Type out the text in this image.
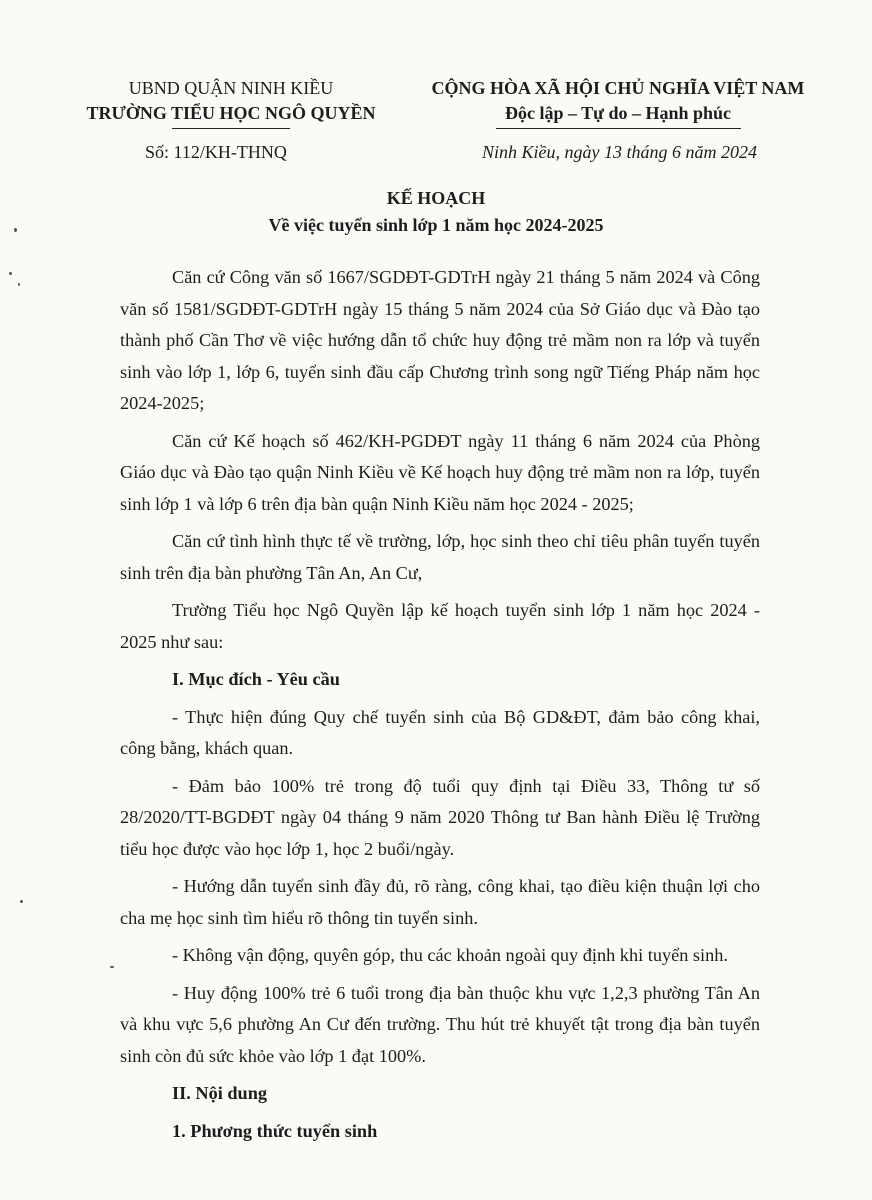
UBND QUẬN NINH KIỀU
TRƯỜNG TIỂU HỌC NGÔ QUYỀN
CỘNG HÒA XÃ HỘI CHỦ NGHĨA VIỆT NAM
Độc lập – Tự do – Hạnh phúc
Số: 112/KH-THNQ	Ninh Kiều, ngày 13 tháng 6 năm 2024
KẾ HOẠCH
Về việc tuyển sinh lớp 1 năm học 2024-2025

Căn cứ Công văn số 1667/SGDĐT-GDTrH ngày 21 tháng 5 năm 2024 và Công văn số 1581/SGDĐT-GDTrH ngày 15 tháng 5 năm 2024 của Sở Giáo dục và Đào tạo thành phố Cần Thơ về việc hướng dẫn tổ chức huy động trẻ mầm non ra lớp và tuyển sinh vào lớp 1, lớp 6, tuyển sinh đầu cấp Chương trình song ngữ Tiếng Pháp năm học 2024-2025;

Căn cứ Kế hoạch số 462/KH-PGDĐT ngày 11 tháng 6 năm 2024 của Phòng Giáo dục và Đào tạo quận Ninh Kiều về Kế hoạch huy động trẻ mầm non ra lớp, tuyển sinh lớp 1 và lớp 6 trên địa bàn quận Ninh Kiều năm học 2024 - 2025;

Căn cứ tình hình thực tế về trường, lớp, học sinh theo chỉ tiêu phân tuyến tuyển sinh trên địa bàn phường Tân An, An Cư,

Trường Tiểu học Ngô Quyền lập kế hoạch tuyển sinh lớp 1 năm học 2024 - 2025 như sau:

I. Mục đích - Yêu cầu

- Thực hiện đúng Quy chế tuyển sinh của Bộ GD&ĐT, đảm bảo công khai, công bằng, khách quan.

- Đảm bảo 100% trẻ trong độ tuổi quy định tại Điều 33, Thông tư số 28/2020/TT-BGDĐT ngày 04 tháng 9 năm 2020 Thông tư Ban hành Điều lệ Trường tiểu học được vào học lớp 1, học 2 buổi/ngày.

- Hướng dẫn tuyển sinh đầy đủ, rõ ràng, công khai, tạo điều kiện thuận lợi cho cha mẹ học sinh tìm hiểu rõ thông tin tuyển sinh.

- Không vận động, quyên góp, thu các khoản ngoài quy định khi tuyển sinh.

- Huy động 100% trẻ 6 tuổi trong địa bàn thuộc khu vực 1,2,3 phường Tân An và khu vực 5,6 phường An Cư đến trường. Thu hút trẻ khuyết tật trong địa bàn tuyển sinh còn đủ sức khỏe vào lớp 1 đạt 100%.

II. Nội dung

1. Phương thức tuyển sinh
